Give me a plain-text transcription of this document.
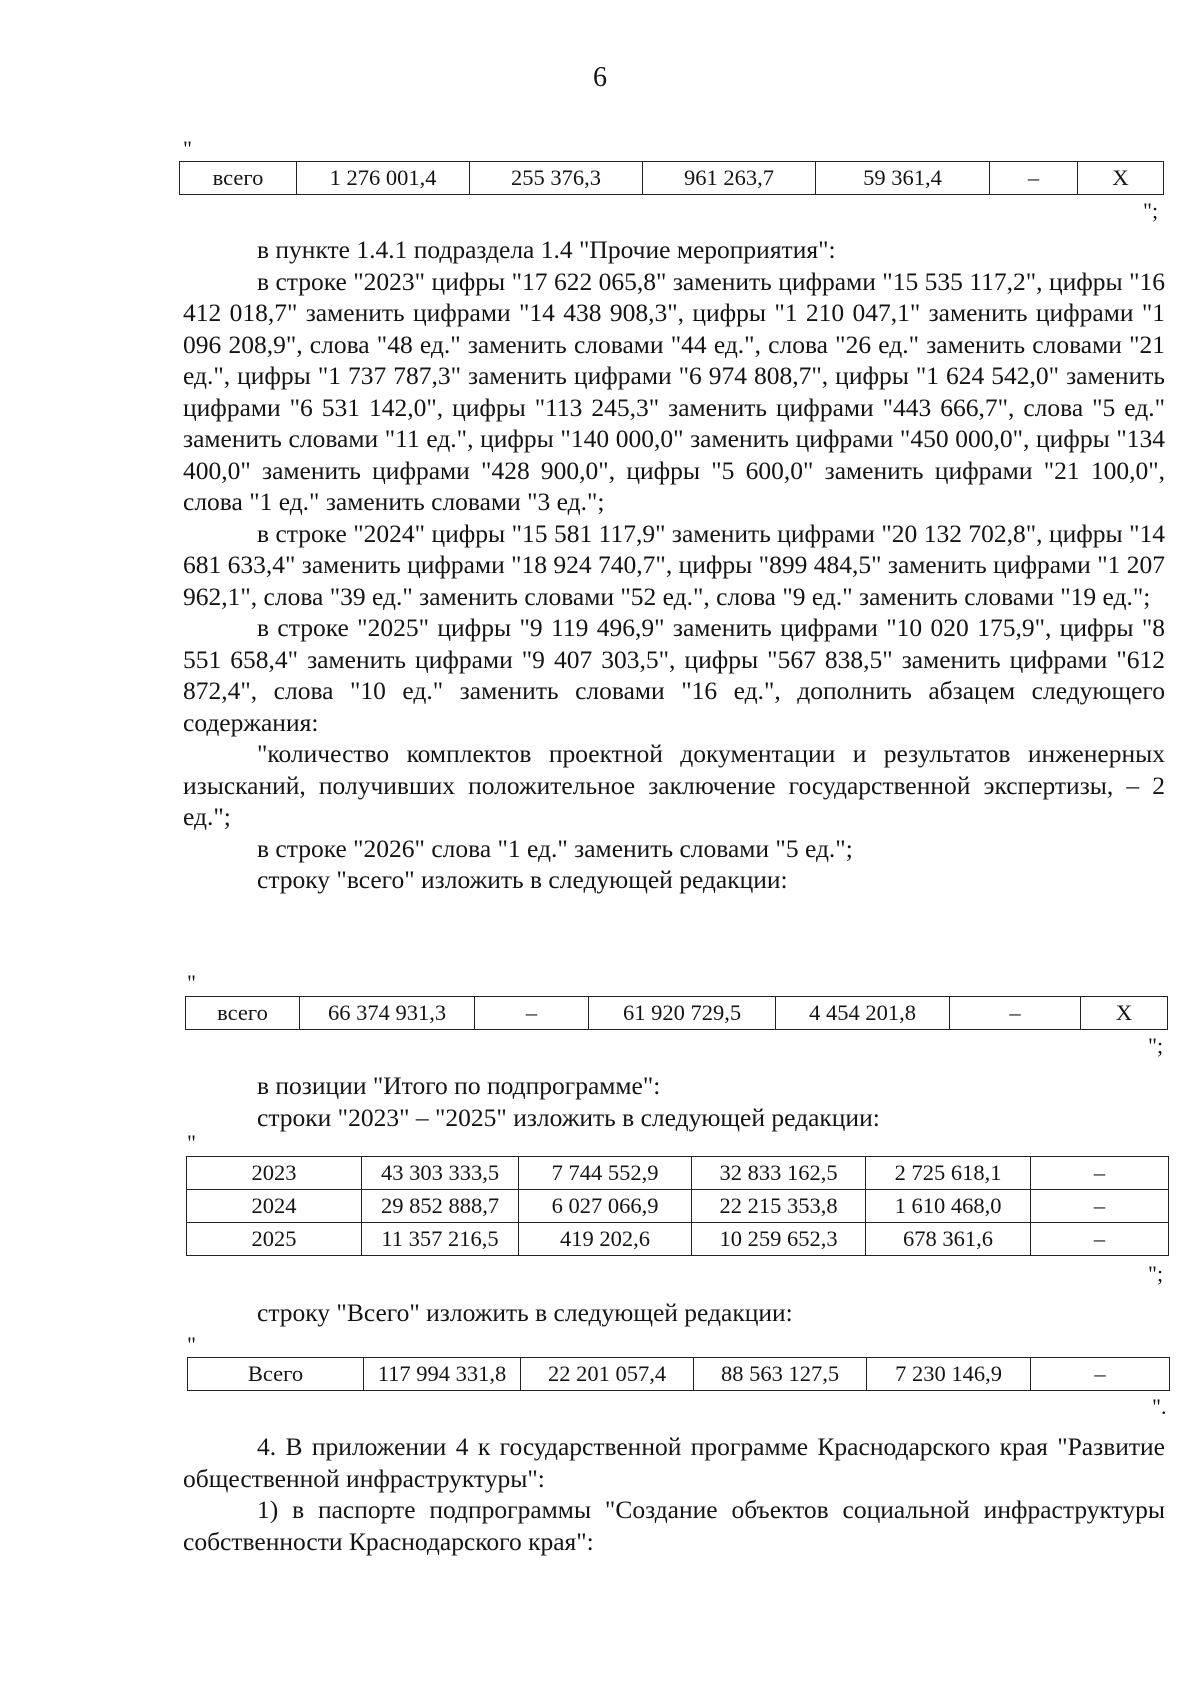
6
"
всего	1 276 001,4	255 376,3	961 263,7	59 361,4	–	Х
";

в пункте 1.4.1 подраздела 1.4 "Прочие мероприятия":

в строке "2023" цифры "17 622 065,8" заменить цифрами "15 535 117,2", цифры "16 412 018,7" заменить цифрами "14 438 908,3", цифры "1 210 047,1" заменить цифрами "1 096 208,9", слова "48 ед." заменить словами "44 ед.", слова "26 ед." заменить словами "21 ед.", цифры "1 737 787,3" заменить цифрами "6 974 808,7", цифры "1 624 542,0" заменить цифрами "6 531 142,0", цифры "113 245,3" заменить цифрами "443 666,7", слова "5 ед." заменить словами "11 ед.", цифры "140 000,0" заменить цифрами "450 000,0", цифры "134 400,0" заменить цифрами "428 900,0", цифры "5 600,0" заменить цифрами "21 100,0", слова "1 ед." заменить словами "3 ед.";

в строке "2024" цифры "15 581 117,9" заменить цифрами "20 132 702,8", цифры "14 681 633,4" заменить цифрами "18 924 740,7", цифры "899 484,5" заменить цифрами "1 207 962,1", слова "39 ед." заменить словами "52 ед.", слова "9 ед." заменить словами "19 ед.";

в строке "2025" цифры "9 119 496,9" заменить цифрами "10 020 175,9", цифры "8 551 658,4" заменить цифрами "9 407 303,5", цифры "567 838,5" заменить цифрами "612 872,4", слова "10 ед." заменить словами "16 ед.", дополнить абзацем следующего содержания:

"количество комплектов проектной документации и результатов инженерных изысканий, получивших положительное заключение государственной экспертизы, – 2 ед.";

в строке "2026" слова "1 ед." заменить словами "5 ед.";

строку "всего" изложить в следующей редакции:

"
всего	66 374 931,3	–	61 920 729,5	4 454 201,8	–	Х
";

в позиции "Итого по подпрограмме":

строки "2023" – "2025" изложить в следующей редакции:

"
2023	43 303 333,5	7 744 552,9	32 833 162,5	2 725 618,1	–
2024	29 852 888,7	6 027 066,9	22 215 353,8	1 610 468,0	–
2025	11 357 216,5	419 202,6	10 259 652,3	678 361,6	–
";

строку "Всего" изложить в следующей редакции:

"
Всего	117 994 331,8	22 201 057,4	88 563 127,5	7 230 146,9	–
".

4. В приложении 4 к государственной программе Краснодарского края "Развитие общественной инфраструктуры":

1) в паспорте подпрограммы "Создание объектов социальной инфраструктуры собственности Краснодарского края":
